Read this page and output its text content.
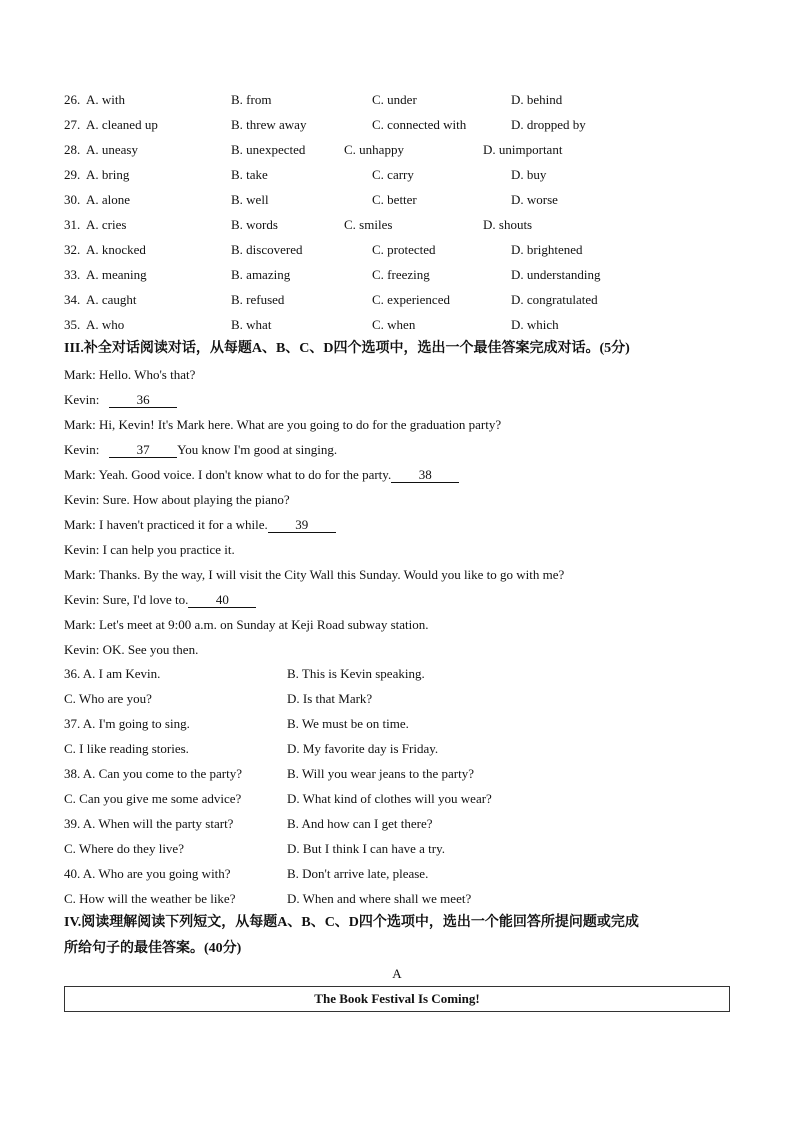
26. A. with	B. from	C. under	D. behind
27. A. cleaned up	B. threw away	C. connected with	D. dropped by
28. A. uneasy	B. unexpected	C. unhappy	D. unimportant
29. A. bring	B. take	C. carry	D. buy
30. A. alone	B. well	C. better	D. worse
31. A. cries	B. words	C. smiles	D. shouts
32. A. knocked	B. discovered	C. protected	D. brightened
33. A. meaning	B. amazing	C. freezing	D. understanding
34. A. caught	B. refused	C. experienced	D. congratulated
35. A. who	B. what	C. when	D. which
III.补全对话阅读对话，从每题A、B、C、D四个选项中，选出一个最佳答案完成对话。(5分)
Mark: Hello. Who's that?
Kevin:	36
Mark: Hi, Kevin! It's Mark here. What are you going to do for the graduation party?
Kevin:	37 You know I'm good at singing.
Mark: Yeah. Good voice. I don't know what to do for the party. 38
Kevin: Sure. How about playing the piano?
Mark: I haven't practiced it for a while. 39
Kevin: I can help you practice it.
Mark: Thanks. By the way, I will visit the City Wall this Sunday. Would you like to go with me?
Kevin: Sure, I'd love to. 40
Mark: Let's meet at 9:00 a.m. on Sunday at Keji Road subway station.
Kevin: OK. See you then.
36. A. I am Kevin.	B. This is Kevin speaking.
C. Who are you?	D. Is that Mark?
37. A. I'm going to sing.	B. We must be on time.
C. I like reading stories.	D. My favorite day is Friday.
38. A. Can you come to the party?	B. Will you wear jeans to the party?
C. Can you give me some advice?	D. What kind of clothes will you wear?
39. A. When will the party start?	B. And how can I get there?
C. Where do they live?	D. But I think I can have a try.
40. A. Who are you going with?	B. Don't arrive late, please.
C. How will the weather be like?	D. When and where shall we meet?
IV.阅读理解阅读下列短文，从每题A、B、C、D四个选项中，选出一个能回答所提问题或完成
所给句子的最佳答案。(40分)
A
The Book Festival Is Coming!
